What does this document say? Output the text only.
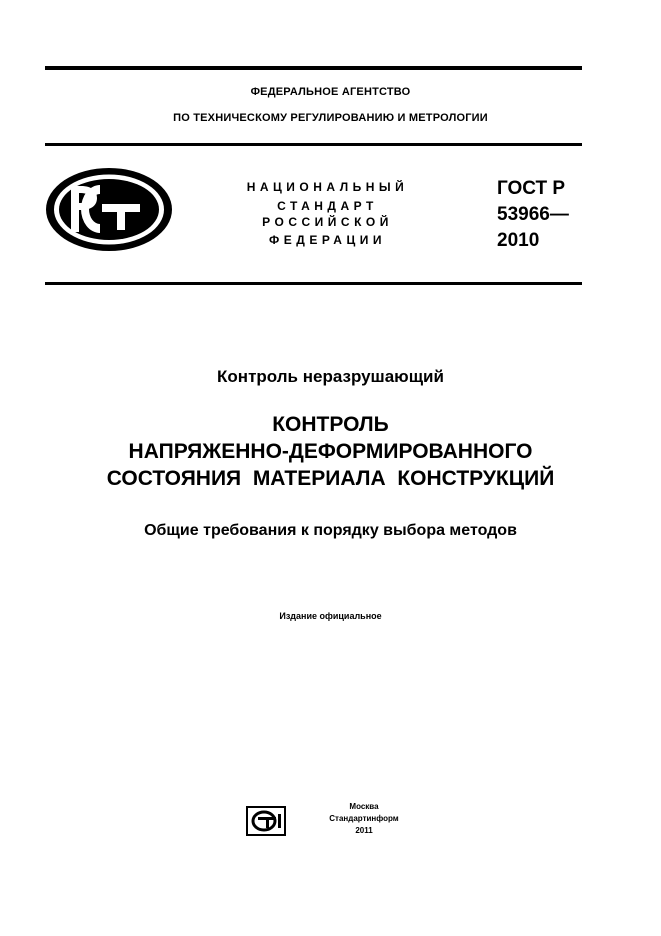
ФЕДЕРАЛЬНОЕ АГЕНТСТВО
ПО ТЕХНИЧЕСКОМУ РЕГУЛИРОВАНИЮ И МЕТРОЛОГИИ
НАЦИОНАЛЬНЫЙ
СТАНДАРТ
РОССИЙСКОЙ
ФЕДЕРАЦИИ
ГОСТ Р
53966—
2010
Контроль неразрушающий
КОНТРОЛЬ
НАПРЯЖЕННО-ДЕФОРМИРОВАННОГО
СОСТОЯНИЯ  МАТЕРИАЛА  КОНСТРУКЦИЙ
Общие требования к порядку выбора методов
Издание официальное
Москва
Стандартинформ
2011
